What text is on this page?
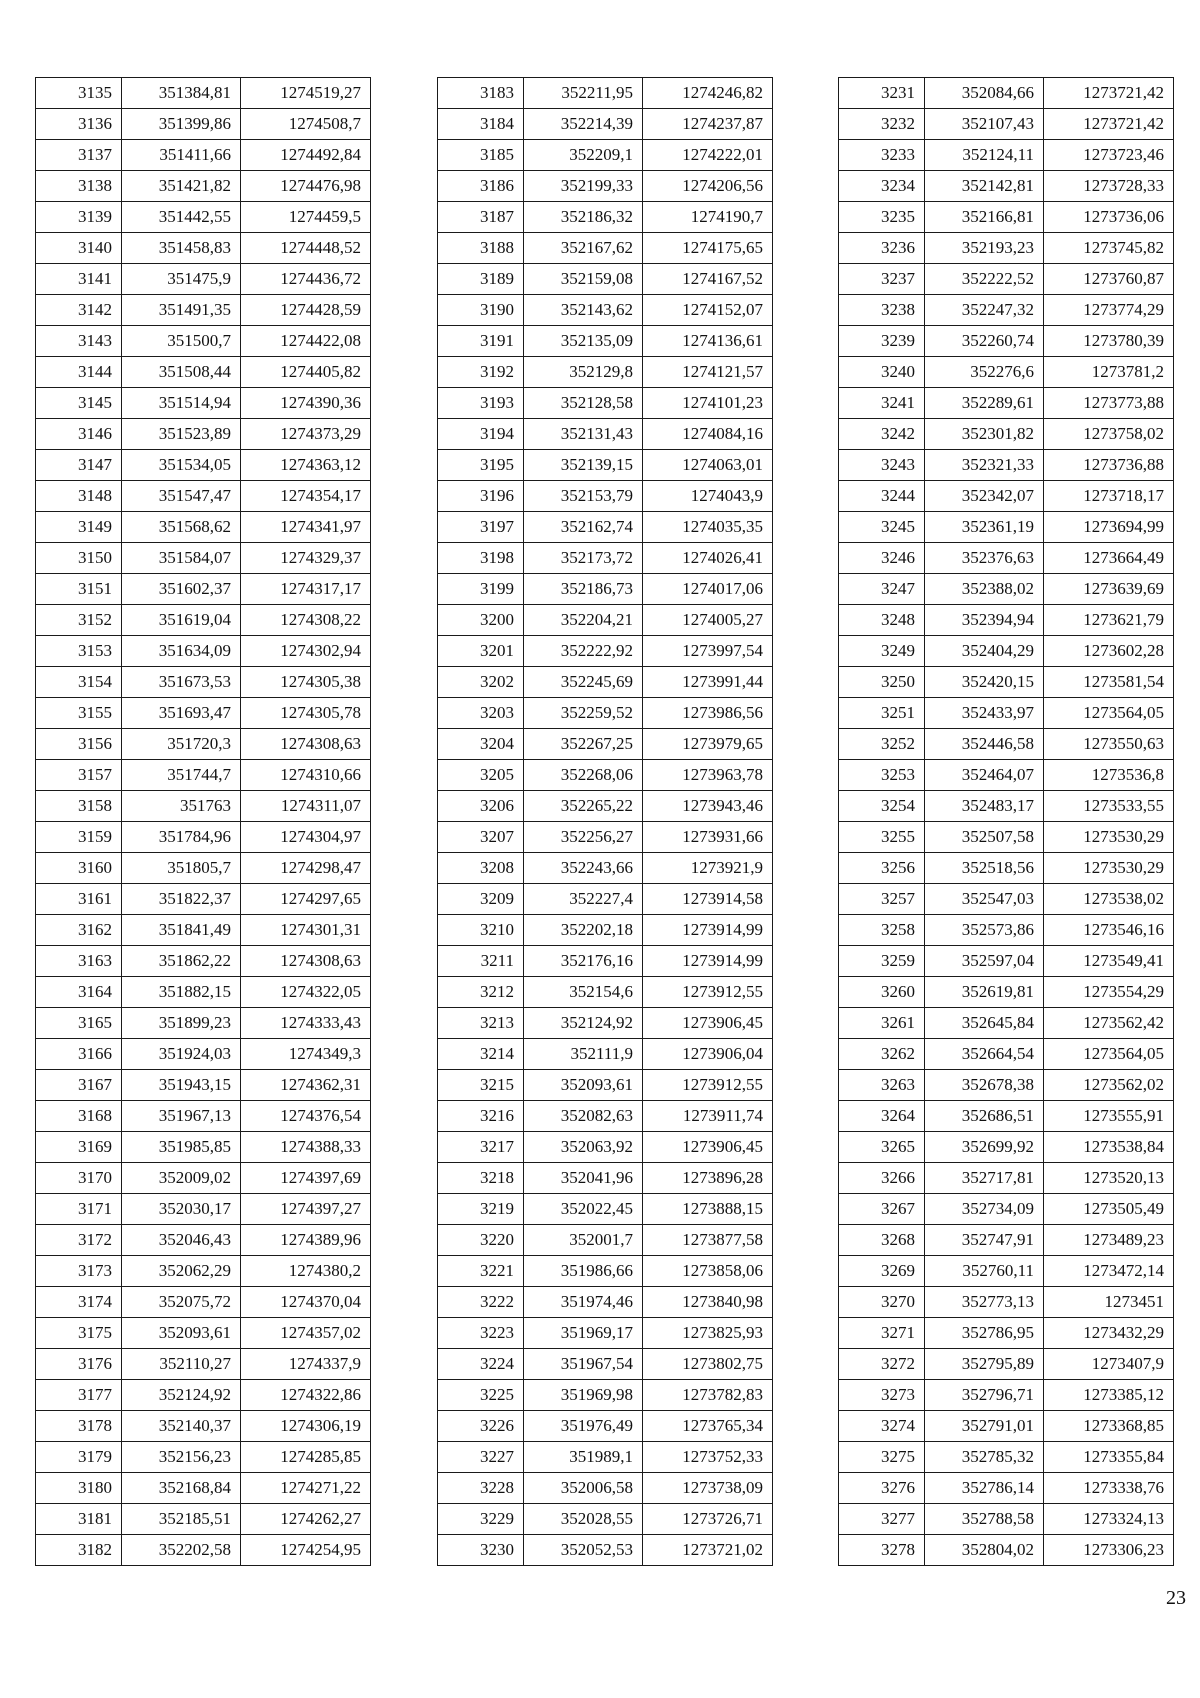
3135	351384,81	1274519,27
3136	351399,86	1274508,7
3137	351411,66	1274492,84
3138	351421,82	1274476,98
3139	351442,55	1274459,5
3140	351458,83	1274448,52
3141	351475,9	1274436,72
3142	351491,35	1274428,59
3143	351500,7	1274422,08
3144	351508,44	1274405,82
3145	351514,94	1274390,36
3146	351523,89	1274373,29
3147	351534,05	1274363,12
3148	351547,47	1274354,17
3149	351568,62	1274341,97
3150	351584,07	1274329,37
3151	351602,37	1274317,17
3152	351619,04	1274308,22
3153	351634,09	1274302,94
3154	351673,53	1274305,38
3155	351693,47	1274305,78
3156	351720,3	1274308,63
3157	351744,7	1274310,66
3158	351763	1274311,07
3159	351784,96	1274304,97
3160	351805,7	1274298,47
3161	351822,37	1274297,65
3162	351841,49	1274301,31
3163	351862,22	1274308,63
3164	351882,15	1274322,05
3165	351899,23	1274333,43
3166	351924,03	1274349,3
3167	351943,15	1274362,31
3168	351967,13	1274376,54
3169	351985,85	1274388,33
3170	352009,02	1274397,69
3171	352030,17	1274397,27
3172	352046,43	1274389,96
3173	352062,29	1274380,2
3174	352075,72	1274370,04
3175	352093,61	1274357,02
3176	352110,27	1274337,9
3177	352124,92	1274322,86
3178	352140,37	1274306,19
3179	352156,23	1274285,85
3180	352168,84	1274271,22
3181	352185,51	1274262,27
3182	352202,58	1274254,95
3183	352211,95	1274246,82
3184	352214,39	1274237,87
3185	352209,1	1274222,01
3186	352199,33	1274206,56
3187	352186,32	1274190,7
3188	352167,62	1274175,65
3189	352159,08	1274167,52
3190	352143,62	1274152,07
3191	352135,09	1274136,61
3192	352129,8	1274121,57
3193	352128,58	1274101,23
3194	352131,43	1274084,16
3195	352139,15	1274063,01
3196	352153,79	1274043,9
3197	352162,74	1274035,35
3198	352173,72	1274026,41
3199	352186,73	1274017,06
3200	352204,21	1274005,27
3201	352222,92	1273997,54
3202	352245,69	1273991,44
3203	352259,52	1273986,56
3204	352267,25	1273979,65
3205	352268,06	1273963,78
3206	352265,22	1273943,46
3207	352256,27	1273931,66
3208	352243,66	1273921,9
3209	352227,4	1273914,58
3210	352202,18	1273914,99
3211	352176,16	1273914,99
3212	352154,6	1273912,55
3213	352124,92	1273906,45
3214	352111,9	1273906,04
3215	352093,61	1273912,55
3216	352082,63	1273911,74
3217	352063,92	1273906,45
3218	352041,96	1273896,28
3219	352022,45	1273888,15
3220	352001,7	1273877,58
3221	351986,66	1273858,06
3222	351974,46	1273840,98
3223	351969,17	1273825,93
3224	351967,54	1273802,75
3225	351969,98	1273782,83
3226	351976,49	1273765,34
3227	351989,1	1273752,33
3228	352006,58	1273738,09
3229	352028,55	1273726,71
3230	352052,53	1273721,02
3231	352084,66	1273721,42
3232	352107,43	1273721,42
3233	352124,11	1273723,46
3234	352142,81	1273728,33
3235	352166,81	1273736,06
3236	352193,23	1273745,82
3237	352222,52	1273760,87
3238	352247,32	1273774,29
3239	352260,74	1273780,39
3240	352276,6	1273781,2
3241	352289,61	1273773,88
3242	352301,82	1273758,02
3243	352321,33	1273736,88
3244	352342,07	1273718,17
3245	352361,19	1273694,99
3246	352376,63	1273664,49
3247	352388,02	1273639,69
3248	352394,94	1273621,79
3249	352404,29	1273602,28
3250	352420,15	1273581,54
3251	352433,97	1273564,05
3252	352446,58	1273550,63
3253	352464,07	1273536,8
3254	352483,17	1273533,55
3255	352507,58	1273530,29
3256	352518,56	1273530,29
3257	352547,03	1273538,02
3258	352573,86	1273546,16
3259	352597,04	1273549,41
3260	352619,81	1273554,29
3261	352645,84	1273562,42
3262	352664,54	1273564,05
3263	352678,38	1273562,02
3264	352686,51	1273555,91
3265	352699,92	1273538,84
3266	352717,81	1273520,13
3267	352734,09	1273505,49
3268	352747,91	1273489,23
3269	352760,11	1273472,14
3270	352773,13	1273451
3271	352786,95	1273432,29
3272	352795,89	1273407,9
3273	352796,71	1273385,12
3274	352791,01	1273368,85
3275	352785,32	1273355,84
3276	352786,14	1273338,76
3277	352788,58	1273324,13
3278	352804,02	1273306,23
23
